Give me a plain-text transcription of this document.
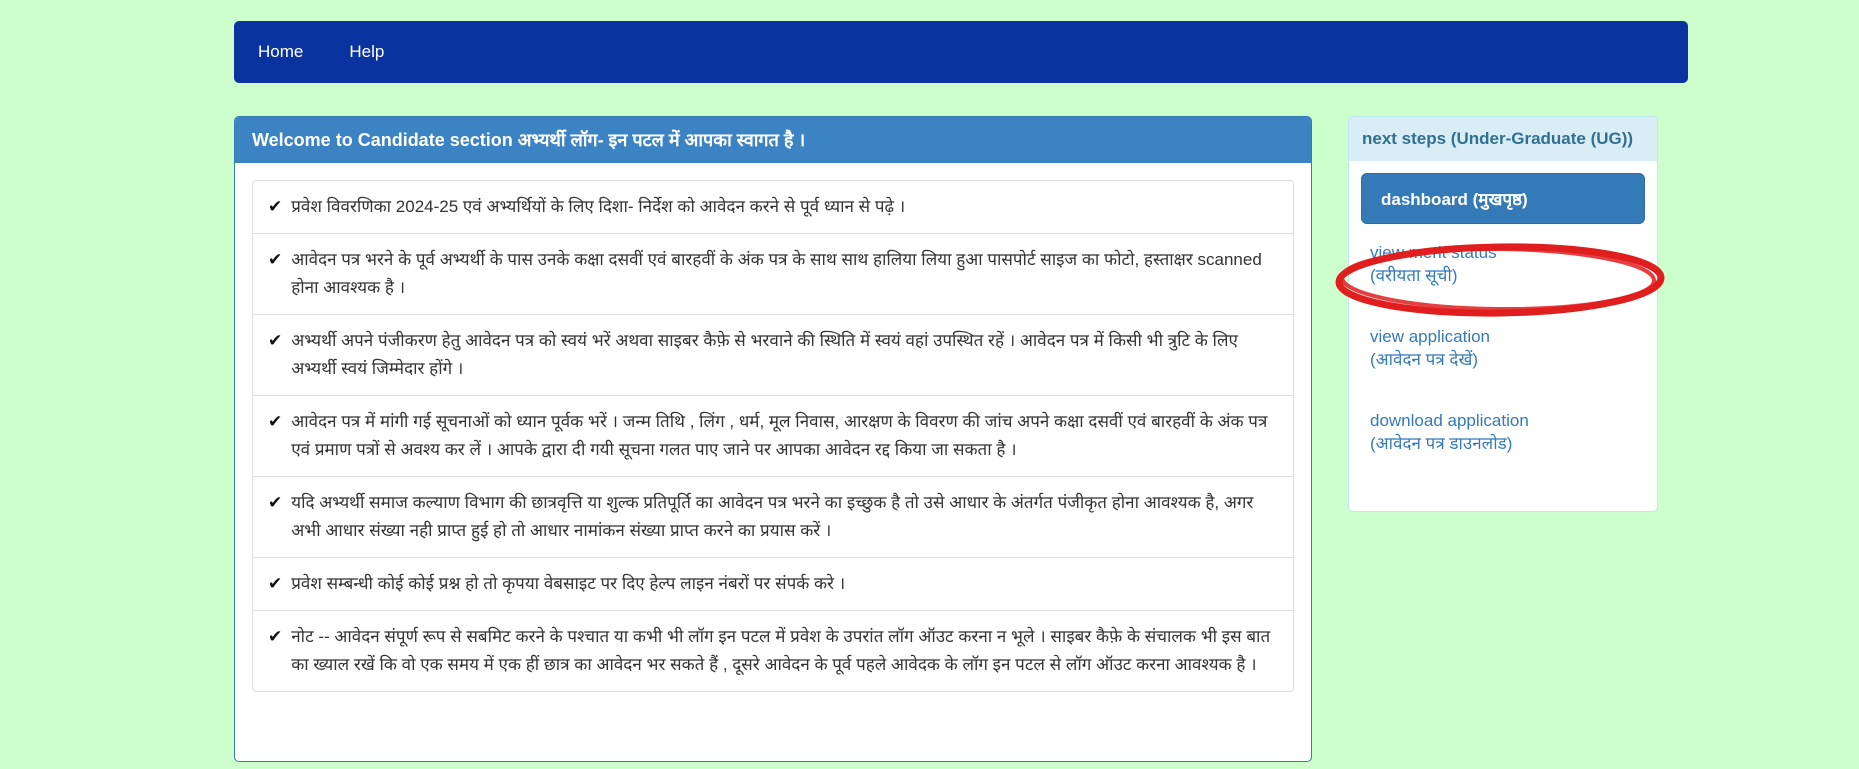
Home	Help
Welcome to Candidate section अभ्यर्थी लॉग- इन पटल में आपका स्वागत है ।
✔ प्रवेश विवरणिका 2024-25 एवं अभ्यर्थियों के लिए दिशा- निर्देश को आवेदन करने से पूर्व ध्यान से पढ़े ।
✔ आवेदन पत्र भरने के पूर्व अभ्यर्थी के पास उनके कक्षा दसवीं एवं बारहवीं के अंक पत्र के साथ साथ हालिया लिया हुआ पासपोर्ट साइज का फोटो, हस्ताक्षर scanned होना आवश्यक है ।
✔ अभ्यर्थी अपने पंजीकरण हेतु आवेदन पत्र को स्वयं भरें अथवा साइबर कैफ़े से भरवाने की स्थिति में स्वयं वहां उपस्थित रहें । आवेदन पत्र में किसी भी त्रुटि के लिए अभ्यर्थी स्वयं जिम्मेदार होंगे ।
✔ आवेदन पत्र में मांगी गई सूचनाओं को ध्यान पूर्वक भरें । जन्म तिथि , लिंग , धर्म, मूल निवास, आरक्षण के विवरण की जांच अपने कक्षा दसवीं एवं बारहवीं के अंक पत्र एवं प्रमाण पत्रों से अवश्य कर लें । आपके द्वारा दी गयी सूचना गलत पाए जाने पर आपका आवेदन रद्द किया जा सकता है ।
✔ यदि अभ्यर्थी समाज कल्याण विभाग की छात्रवृत्ति या शुल्क प्रतिपूर्ति का आवेदन पत्र भरने का इच्छुक है तो उसे आधार के अंतर्गत पंजीकृत होना आवश्यक है, अगर अभी आधार संख्या नही प्राप्त हुई हो तो आधार नामांकन संख्या प्राप्त करने का प्रयास करें ।
✔ प्रवेश सम्बन्धी कोई कोई प्रश्न हो तो कृपया वेबसाइट पर दिए हेल्प लाइन नंबरों पर संपर्क करे ।
✔ नोट -- आवेदन संपूर्ण रूप से सबमिट करने के पश्चात या कभी भी लॉग इन पटल में प्रवेश के उपरांत लॉग ऑउट करना न भूले । साइबर कैफ़े के संचालक भी इस बात का ख्याल रखें कि वो एक समय में एक हीं छात्र का आवेदन भर सकते हैं , दूसरे आवेदन के पूर्व पहले आवेदक के लॉग इन पटल से लॉग ऑउट करना आवश्यक है ।
next steps (Under-Graduate (UG))
dashboard (मुखपृष्ठ)
view merit status
(वरीयता सूची)
view application
(आवेदन पत्र देखें)
download application
(आवेदन पत्र डाउनलोड)
